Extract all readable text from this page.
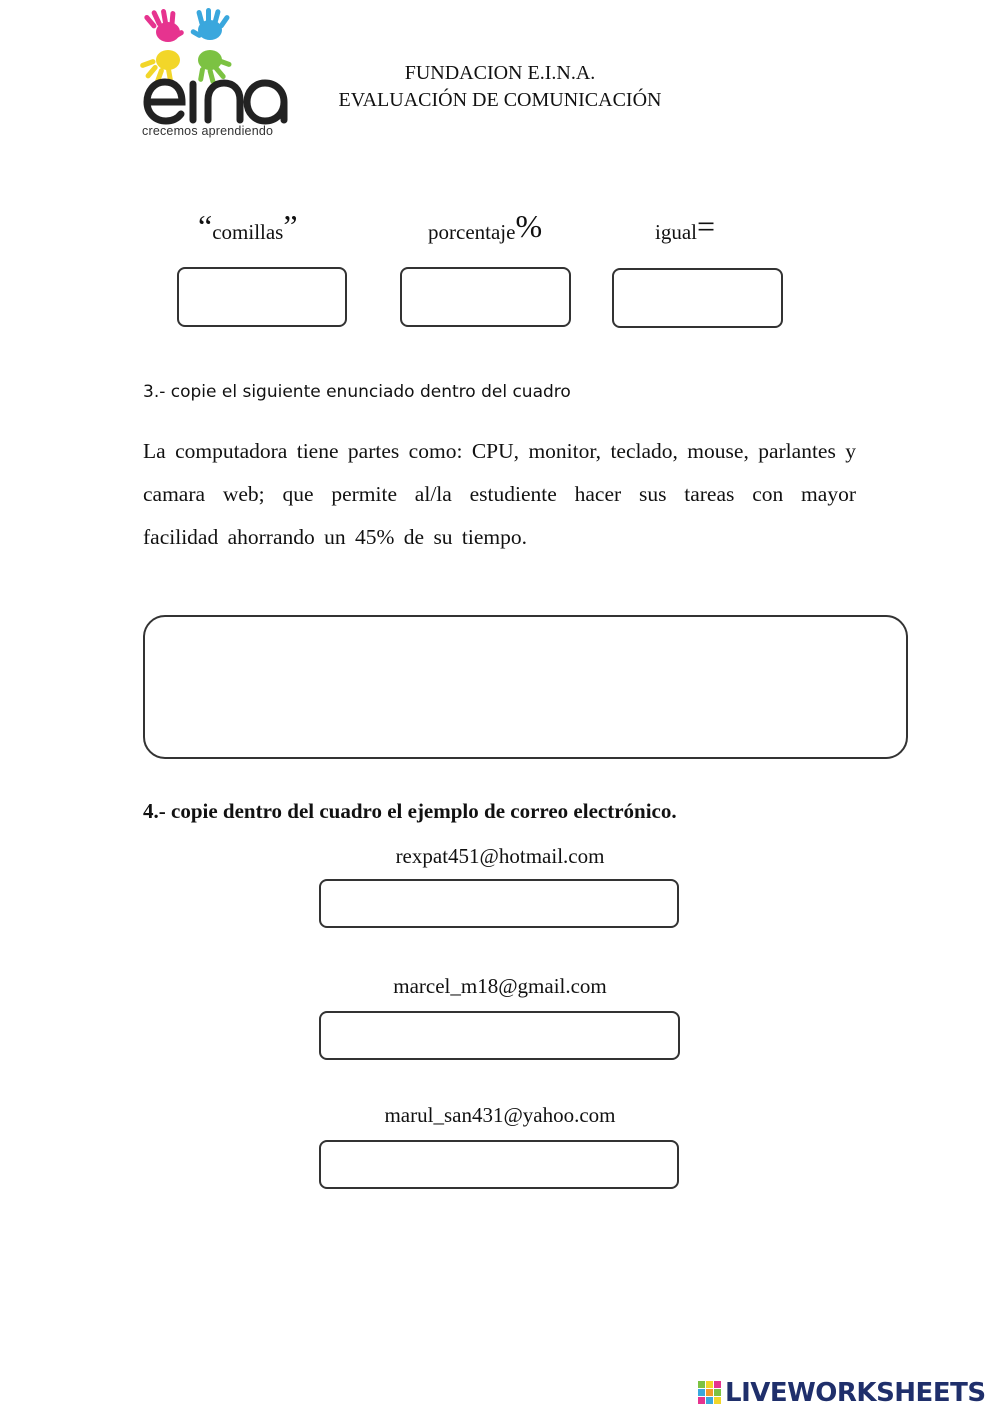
crecemos aprendiendo
FUNDACION E.I.N.A.
EVALUACIÓN DE COMUNICACIÓN
“comillas”	porcentaje%	igual=
3.- copie el siguiente enunciado dentro del cuadro
La computadora tiene partes como: CPU, monitor, teclado, mouse, parlantes y camara web; que permite al/la estudiente hacer sus tareas con mayor facilidad ahorrando un 45% de su tiempo.
4.- copie dentro del cuadro el ejemplo de correo electrónico.
rexpat451@hotmail.com
marcel_m18@gmail.com
marul_san431@yahoo.com
LIVEWORKSHEETS
